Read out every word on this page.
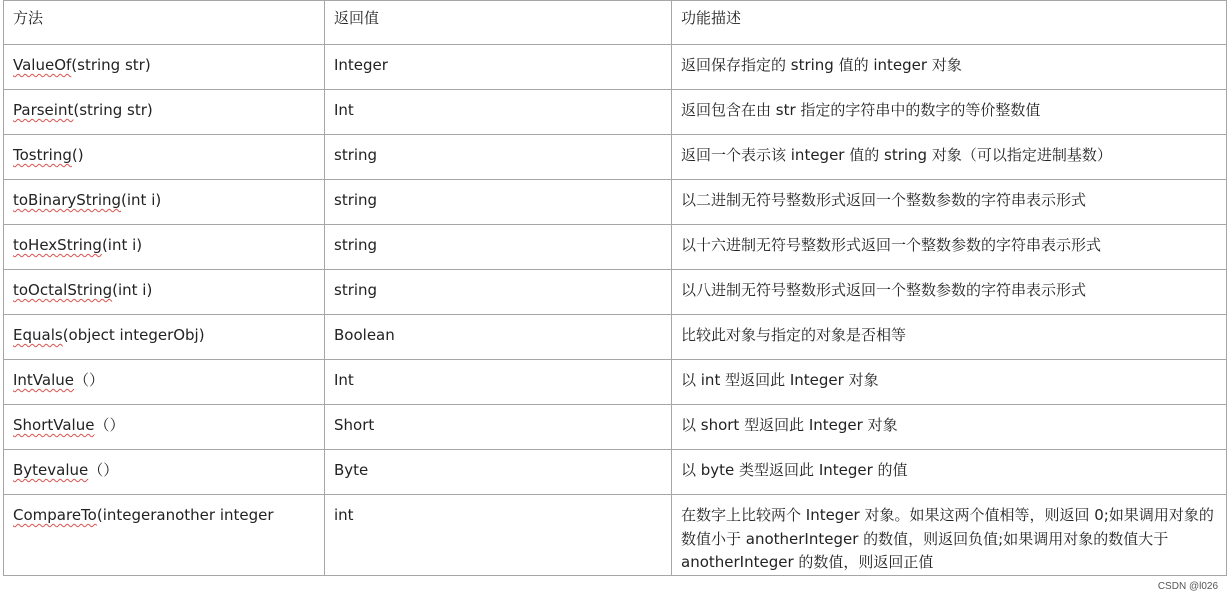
方法	返回值	功能描述
ValueOf(string str)	Integer	返回保存指定的 string 值的 integer 对象
Parseint(string str)	Int	返回包含在由 str 指定的字符串中的数字的等价整数值
Tostring()	string	返回一个表示该 integer 值的 string 对象（可以指定进制基数）
toBinaryString(int i)	string	以二进制无符号整数形式返回一个整数参数的字符串表示形式
toHexString(int i)	string	以十六进制无符号整数形式返回一个整数参数的字符串表示形式
toOctalString(int i)	string	以八进制无符号整数形式返回一个整数参数的字符串表示形式
Equals(object integerObj)	Boolean	比较此对象与指定的对象是否相等
IntValue（）	Int	以 int 型返回此 Integer 对象
ShortValue（）	Short	以 short 型返回此 Integer 对象
Bytevalue（）	Byte	以 byte 类型返回此 Integer 的值
CompareTo(integeranother integer	int	在数字上比较两个 Integer 对象。如果这两个值相等，则返回 0;如果调用对象的数值小于 anotherInteger 的数值，则返回负值;如果调用对象的数值大于 anotherInteger 的数值，则返回正值
CSDN @l026
